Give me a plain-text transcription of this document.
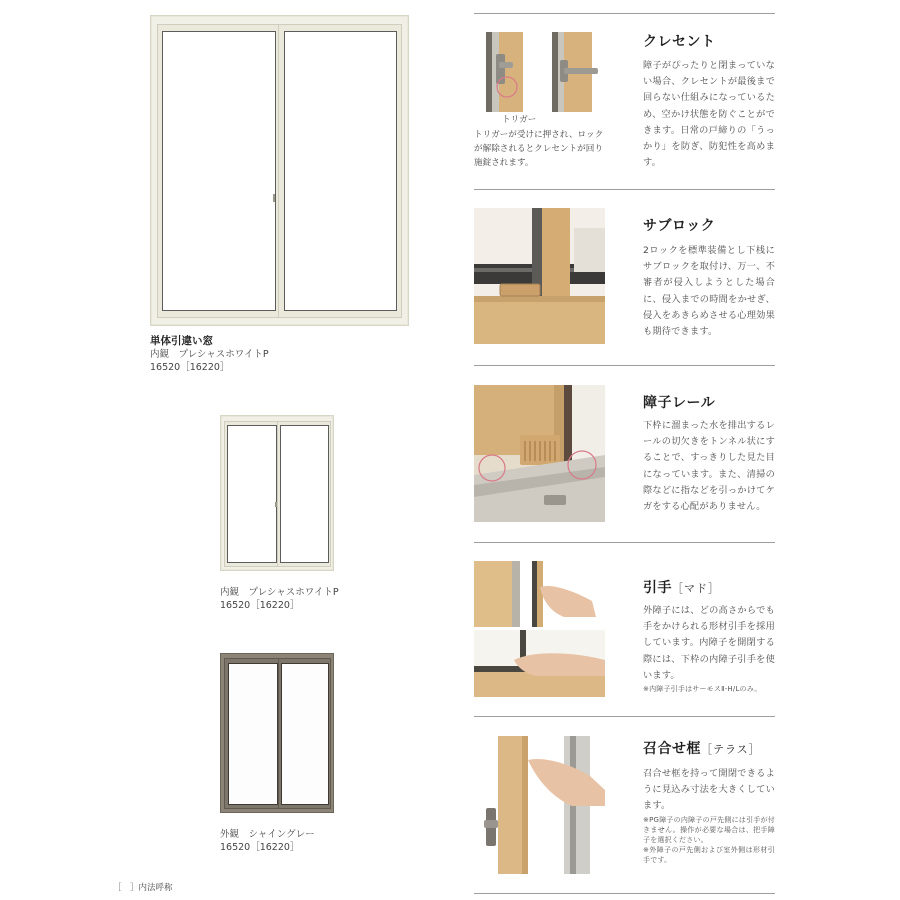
単体引違い窓
内観　プレシャスホワイトP
16520［16220］
内観　プレシャスホワイトP
16520［16220］
外観　シャイングレー
16520［16220］
［　］内法呼称
トリガー
トリガーが受けに押され、ロックが解除されるとクレセントが回り施錠されます。
クレセント
障子がぴったりと閉まっていない場合、クレセントが最後まで回らない仕組みになっているため、空かけ状態を防ぐことができます。日常の戸締りの「うっかり」を防ぎ、防犯性を高めます。
サブロック
2ロックを標準装備とし下桟にサブロックを取付け、万一、不審者が侵入しようとした場合に、侵入までの時間をかせぎ、侵入をあきらめさせる心理効果も期待できます。
障子レール
下枠に溜まった水を排出するレールの切欠きをトンネル状にすることで、すっきりした見た目になっています。また、清掃の際などに指などを引っかけてケガをする心配がありません。
引手［マド］
外障子には、どの高さからでも手をかけられる形材引手を採用しています。内障子を開閉する際には、下枠の内障子引手を使います。
※内障子引手はサーモスⅡ-H/Lのみ。
召合せ框［テラス］
召合せ框を持って開閉できるように見込み寸法を大きくしています。
※PG障子の内障子の戸先側には引手が付きません。操作が必要な場合は、把手障子を選択ください。
※外障子の戸先側および室外側は形材引手です。
